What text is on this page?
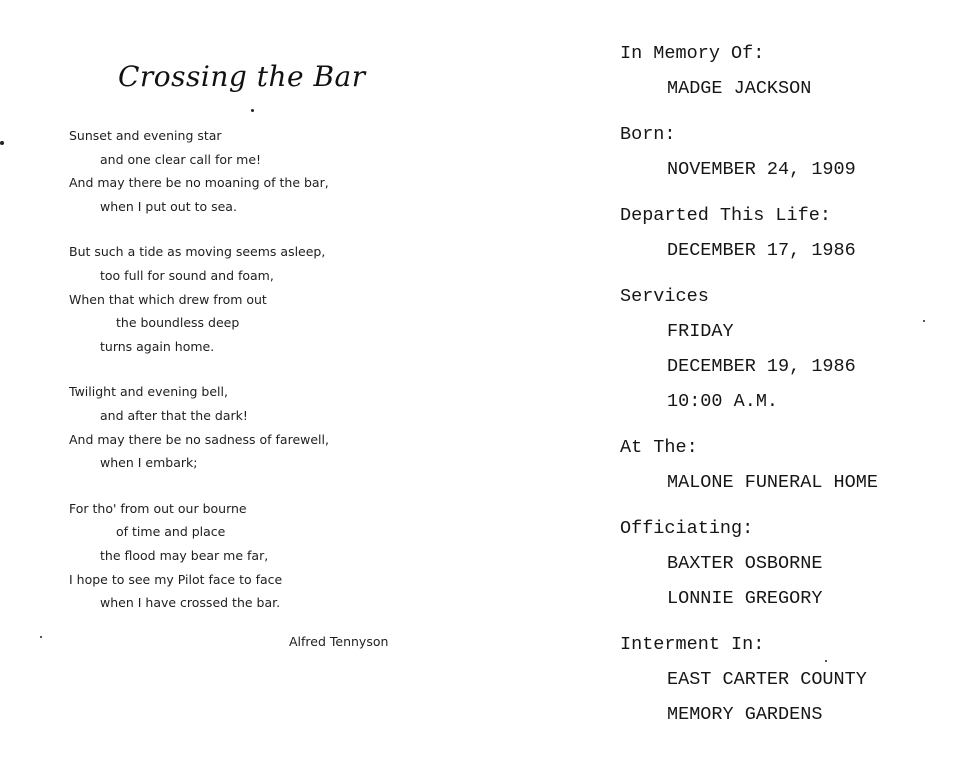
Crossing the Bar
Sunset and evening star
and one clear call for me!
And may there be no moaning of the bar,
when I put out to sea.
But such a tide as moving seems asleep,
too full for sound and foam,
When that which drew from out
the boundless deep
turns again home.
Twilight and evening bell,
and after that the dark!
And may there be no sadness of farewell,
when I embark;
For tho' from out our bourne
of time and place
the flood may bear me far,
I hope to see my Pilot face to face
when I have crossed the bar.
Alfred Tennyson
In Memory Of:
MADGE JACKSON
Born:
NOVEMBER 24, 1909
Departed This Life:
DECEMBER 17, 1986
Services
FRIDAY
DECEMBER 19, 1986
10:00 A.M.
At The:
MALONE FUNERAL HOME
Officiating:
BAXTER OSBORNE
LONNIE GREGORY
Interment In:
EAST CARTER COUNTY
MEMORY GARDENS
